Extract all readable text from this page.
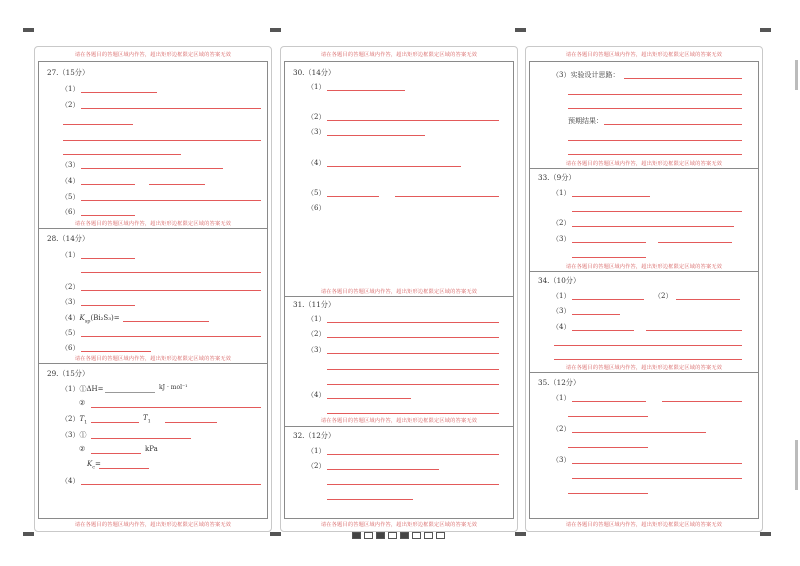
请在各题目的答题区域内作答，超出矩形边框限定区域的答案无效
27.（15分）
（1）
（2）
（3）
（4）
（5）
（6）
请在各题目的答题区域内作答，超出矩形边框限定区域的答案无效
28.（14分）
（1）
（2）
（3）
$(4)K_{sp}(Bi_2S_3)=$
（5）
（6）
请在各题目的答题区域内作答，超出矩形边框限定区域的答案无效
29.（15分）
（1）①ΔH=	kJ · mol⁻¹
②
$(2)T_1$
$T_1$
（3）①
②	kPa
$K_c=$
（4）
请在各题目的答题区域内作答，超出矩形边框限定区域的答案无效
请在各题目的答题区域内作答，超出矩形边框限定区域的答案无效
30.（14分）
（1）
（2）
（3）
（4）
（5）
（6）
请在各题目的答题区域内作答，超出矩形边框限定区域的答案无效
31.（11分）
（1）
（2）
（3）
（4）
请在各题目的答题区域内作答，超出矩形边框限定区域的答案无效
32.（12分）
（1）
（2）
请在各题目的答题区域内作答，超出矩形边框限定区域的答案无效
请在各题目的答题区域内作答，超出矩形边框限定区域的答案无效
（3）实验设计思路：
预期结果：
请在各题目的答题区域内作答，超出矩形边框限定区域的答案无效
33.（9分）
（1）
（2）
（3）
请在各题目的答题区域内作答，超出矩形边框限定区域的答案无效
34.（10分）
（1）	（2）
（3）
（4）
请在各题目的答题区域内作答，超出矩形边框限定区域的答案无效
35.（12分）
（1）
（2）
（3）
请在各题目的答题区域内作答，超出矩形边框限定区域的答案无效
